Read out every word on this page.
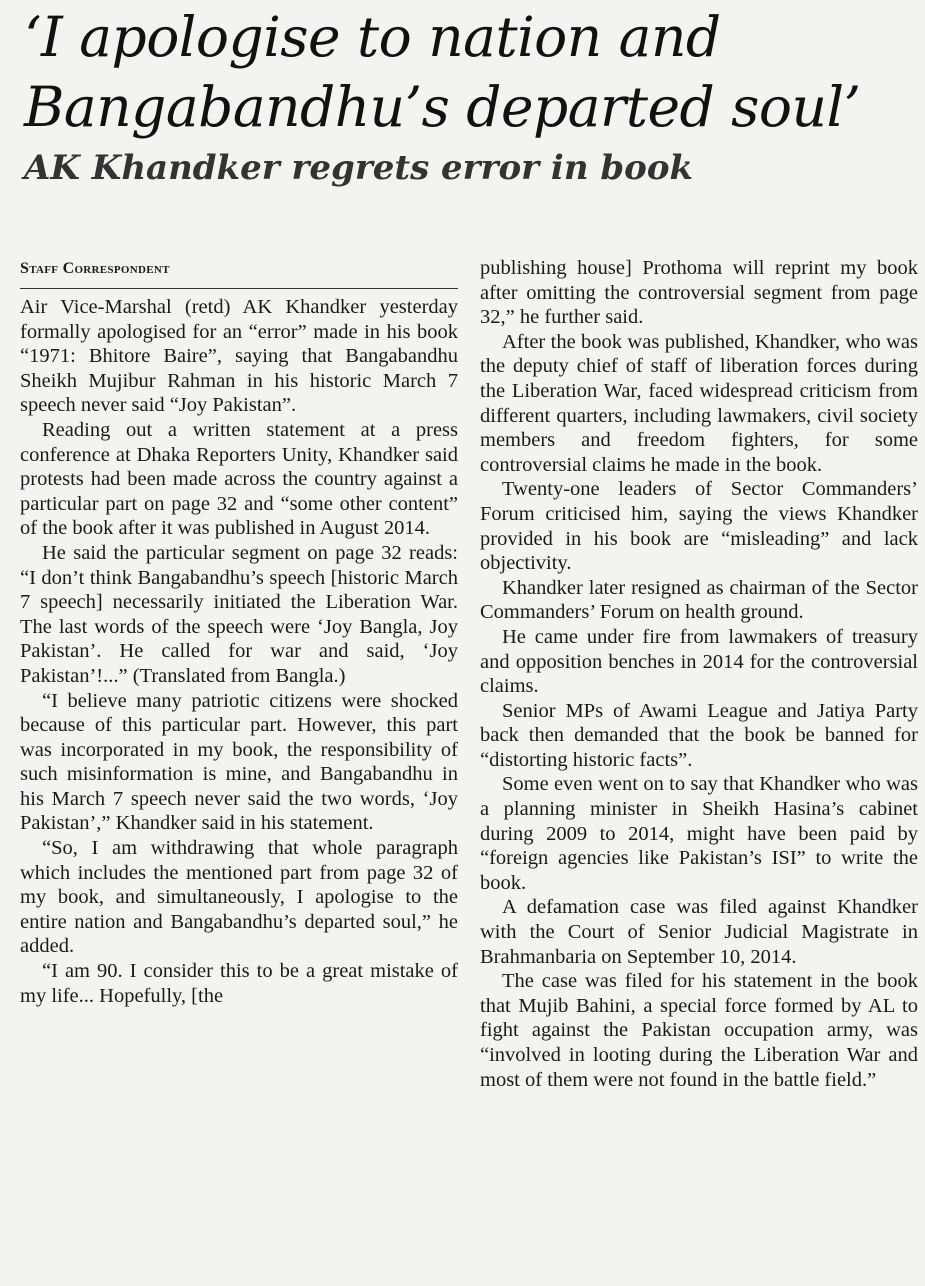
‘I apologise to nation and
Bangabandhu’s departed soul’
AK Khandker regrets error in book
Staff Correspondent

Air Vice-Marshal (retd) AK Khandker yesterday formally apologised for an “error” made in his book “1971: Bhitore Baire”, saying that Bangabandhu Sheikh Mujibur Rahman in his historic March 7 speech never said “Joy Pakistan”.

Reading out a written statement at a press conference at Dhaka Reporters Unity, Khandker said protests had been made across the country against a particular part on page 32 and “some other content” of the book after it was published in August 2014.

He said the particular segment on page 32 reads: “I don’t think Bangabandhu’s speech [historic March 7 speech] necessarily initiated the Liberation War. The last words of the speech were ‘Joy Bangla, Joy Pakistan’. He called for war and said, ‘Joy Pakistan’!...” (Translated from Bangla.)

“I believe many patriotic citizens were shocked because of this particular part. However, this part was incorporated in my book, the responsibility of such misinformation is mine, and Bangabandhu in his March 7 speech never said the two words, ‘Joy Pakistan’,” Khandker said in his statement.

“So, I am withdrawing that whole paragraph which includes the mentioned part from page 32 of my book, and simultaneously, I apologise to the entire nation and Bangabandhu’s departed soul,” he added.

“I am 90. I consider this to be a great mistake of my life... Hopefully, [the

publishing house] Prothoma will reprint my book after omitting the controversial segment from page 32,” he further said.

After the book was published, Khandker, who was the deputy chief of staff of liberation forces during the Liberation War, faced widespread criticism from different quarters, including lawmakers, civil society members and freedom fighters, for some controversial claims he made in the book.

Twenty-one leaders of Sector Commanders’ Forum criticised him, saying the views Khandker provided in his book are “misleading” and lack objectivity.

Khandker later resigned as chairman of the Sector Commanders’ Forum on health ground.

He came under fire from lawmakers of treasury and opposition benches in 2014 for the controversial claims.

Senior MPs of Awami League and Jatiya Party back then demanded that the book be banned for “distorting historic facts”.

Some even went on to say that Khandker who was a planning minister in Sheikh Hasina’s cabinet during 2009 to 2014, might have been paid by “foreign agencies like Pakistan’s ISI” to write the book.

A defamation case was filed against Khandker with the Court of Senior Judicial Magistrate in Brahmanbaria on September 10, 2014.

The case was filed for his statement in the book that Mujib Bahini, a special force formed by AL to fight against the Pakistan occupation army, was “involved in looting during the Liberation War and most of them were not found in the battle field.”
